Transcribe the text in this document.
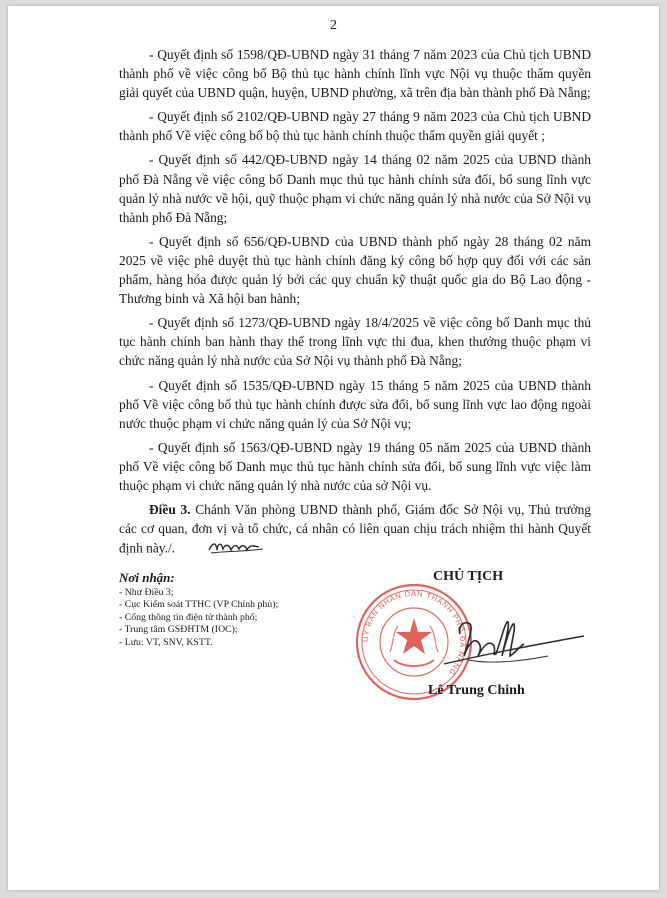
2

- Quyết định số 1598/QĐ-UBND ngày 31 tháng 7 năm 2023 của Chủ tịch UBND thành phố về việc công bố Bộ thủ tục hành chính lĩnh vực Nội vụ thuộc thẩm quyền giải quyết của UBND quận, huyện, UBND phường, xã trên địa bàn thành phố Đà Nẵng;

- Quyết định số 2102/QĐ-UBND ngày 27 tháng 9 năm 2023 của Chủ tịch UBND thành phố Về việc công bố bộ thủ tục hành chính thuộc thẩm quyền giải quyết ;

- Quyết định số 442/QĐ-UBND ngày 14 tháng 02 năm 2025 của UBND thành phố Đà Nẵng về việc công bố Danh mục thủ tục hành chính sửa đổi, bổ sung lĩnh vực quản lý nhà nước về hội, quỹ thuộc phạm vi chức năng quản lý nhà nước của Sở Nội vụ thành phố Đà Nẵng;

- Quyết định số 656/QĐ-UBND của UBND thành phố ngày 28 tháng 02 năm 2025 về việc phê duyệt thủ tục hành chính đăng ký công bố hợp quy đối với các sản phẩm, hàng hóa được quản lý bởi các quy chuẩn kỹ thuật quốc gia do Bộ Lao động - Thương binh và Xã hội ban hành;

- Quyết định số 1273/QĐ-UBND ngày 18/4/2025 về việc công bố Danh mục thủ tục hành chính ban hành thay thế trong lĩnh vực thi đua, khen thưởng thuộc phạm vi chức năng quản lý nhà nước của Sở Nội vụ thành phố Đà Nẵng;

- Quyết định số 1535/QĐ-UBND ngày 15 tháng 5 năm 2025 của UBND thành phố Về việc công bố thủ tục hành chính được sửa đổi, bổ sung lĩnh vực lao động ngoài nước thuộc phạm vi chức năng quản lý của Sở Nội vụ;

- Quyết định số 1563/QĐ-UBND ngày 19 tháng 05 năm 2025 của UBND thành phố Về việc công bố Danh mục thủ tục hành chính sửa đổi, bổ sung lĩnh vực việc làm thuộc phạm vi chức năng quản lý nhà nước của sở Nội vụ.

Điều 3. Chánh Văn phòng UBND thành phố, Giám đốc Sở Nội vụ, Thủ trưởng các cơ quan, đơn vị và tổ chức, cá nhân có liên quan chịu trách nhiệm thi hành Quyết định này./.

Nơi nhận:
- Như Điều 3;
- Cục Kiểm soát TTHC (VP Chính phủ);
- Cổng thông tin điện tử thành phố;
- Trung tâm GSĐHTM (IOC);
- Lưu: VT, SNV, KSTT.
CHỦ TỊCH
UỶ BAN NHÂN DÂN THÀNH PHỐ ĐÀ NẴNG
Lê Trung Chinh
